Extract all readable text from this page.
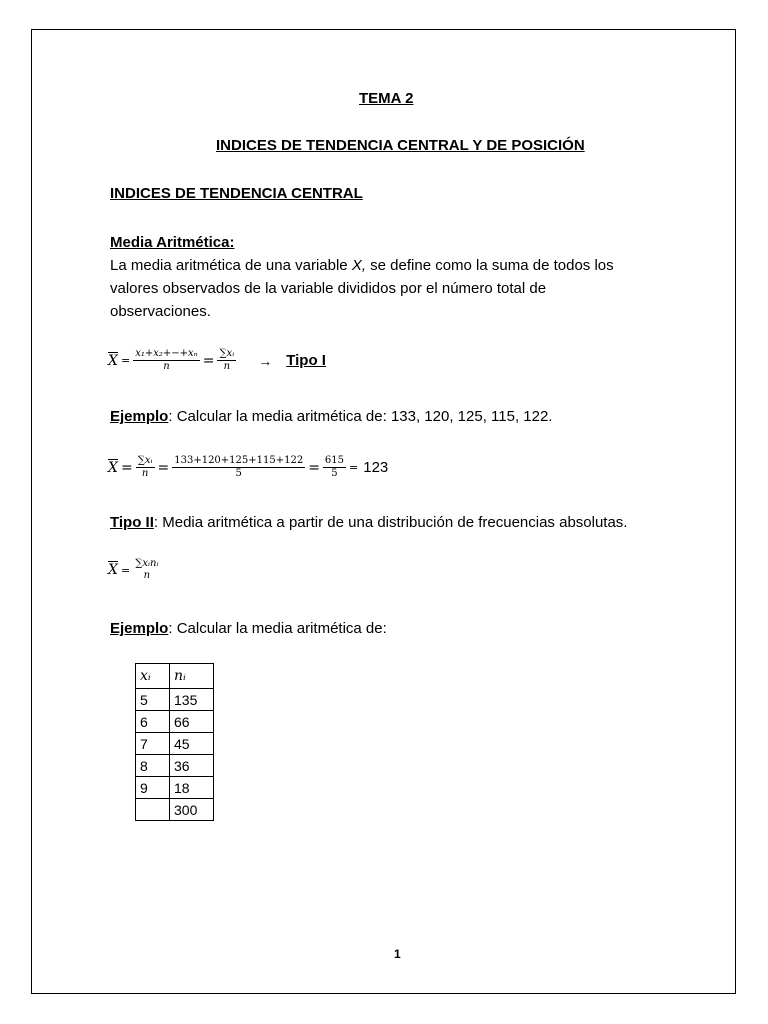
TEMA 2
INDICES DE TENDENCIA CENTRAL Y DE POSICIÓN
INDICES DE TENDENCIA CENTRAL
Media Aritmética:
La media aritmética de una variable X, se define como la suma de todos los
valores observados de la variable divididos por el número total de
observaciones.
$\overline{X} = \frac{\text{x₁+x₂+−+xₙ}}{n} = \frac{\text{∑xᵢ}}{n}$ → Tipo I
Ejemplo: Calcular la media aritmética de: 133, 120, 125, 115, 122.
$\overline{X} = \frac{\text{∑xᵢ}}{n} = \frac{133+120+125+115+122}{5} = \frac{615}{5} = 123$
Tipo II: Media aritmética a partir de una distribución de frecuencias absolutas.
$\overline{X}$ = ∑xᵢnᵢ
n
Ejemplo: Calcular la media aritmética de:
xᵢ	nᵢ
5	135
6	66
7	45
8	36
9	18
	300
1
